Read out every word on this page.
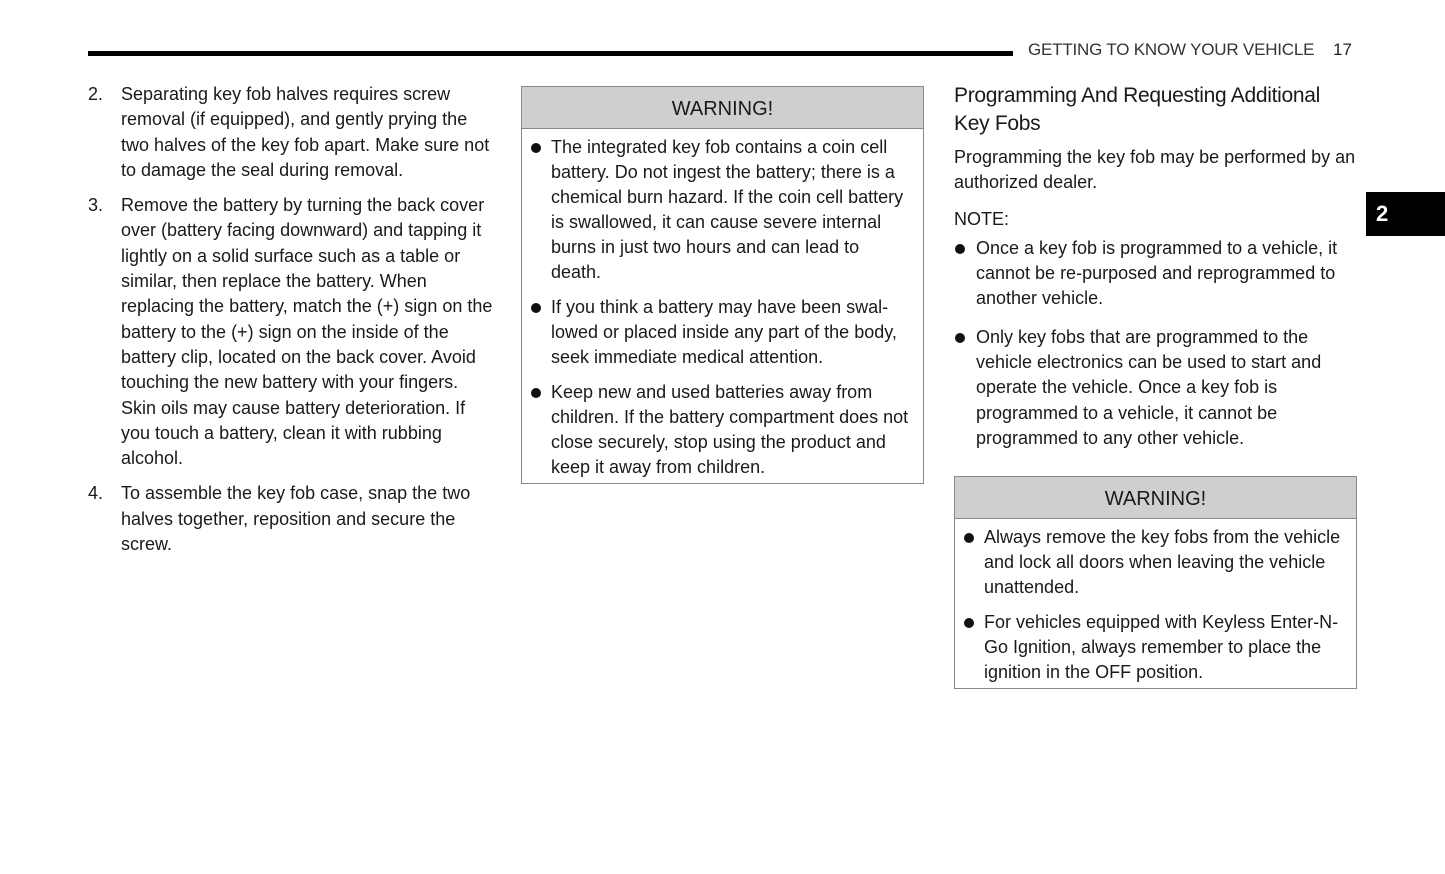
GETTING TO KNOW YOUR VEHICLE 17
2
2. Separating key fob halves requires screw removal (if equipped), and gently prying the two halves of the key fob apart. Make sure not to damage the seal during removal.
3. Remove the battery by turning the back cover over (battery facing downward) and tapping it lightly on a solid surface such as a table or similar, then replace the battery. When replacing the battery, match the (+) sign on the battery to the (+) sign on the inside of the battery clip, located on the back cover. Avoid touching the new battery with your fingers. Skin oils may cause battery deterioration. If you touch a battery, clean it with rubbing alcohol.
4. To assemble the key fob case, snap the two halves together, reposition and secure the screw.
WARNING!
The integrated key fob contains a coin cell battery. Do not ingest the battery; there is a chemical burn hazard. If the coin cell battery is swallowed, it can cause severe internal burns in just two hours and can lead to death.
If you think a battery may have been swal-lowed or placed inside any part of the body, seek immediate medical attention.
Keep new and used batteries away from children. If the battery compartment does not close securely, stop using the product and keep it away from children.
Programming And Requesting Additional Key Fobs

Programming the key fob may be performed by an authorized dealer.

NOTE:

Once a key fob is programmed to a vehicle, it cannot be re-purposed and reprogrammed to another vehicle.
Only key fobs that are programmed to the vehicle electronics can be used to start and operate the vehicle. Once a key fob is programmed to a vehicle, it cannot be programmed to any other vehicle.
WARNING!
Always remove the key fobs from the vehicle and lock all doors when leaving the vehicle unattended.
For vehicles equipped with Keyless Enter-N-Go Ignition, always remember to place the ignition in the OFF position.
